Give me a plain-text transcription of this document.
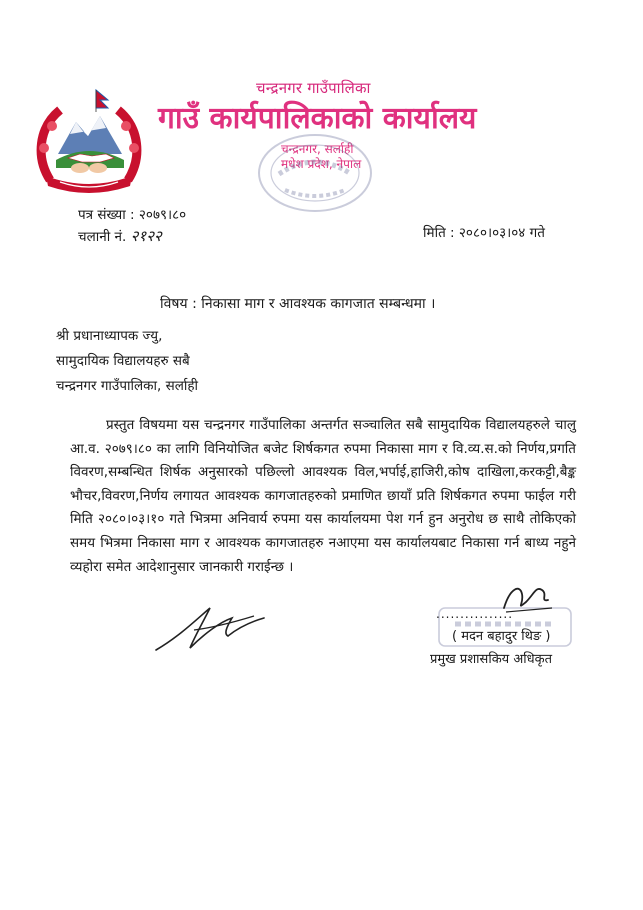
चन्द्रनगर गाउँपालिका
गाउँ कार्यपालिकाको कार्यालय
चन्द्रनगर, सर्लाही
मधेश प्रदेश, नेपाल
पत्र संख्या : २०७९।८०
चलानी नं. २१२२	मिति : २०८०।०३।०४ गते
विषय : निकासा माग र आवश्यक कागजात सम्बन्धमा ।
श्री प्रधानाध्यापक ज्यु,
सामुदायिक विद्यालयहरु सबै
चन्द्रनगर गाउँपालिका, सर्लाही
प्रस्तुत विषयमा यस चन्द्रनगर गाउँपालिका अन्तर्गत सञ्चालित सबै सामुदायिक विद्यालयहरुले चालु आ.व. २०७९।८० का लागि विनियोजित बजेट शिर्षकगत रुपमा निकासा माग र वि.व्य.स.को निर्णय,प्रगति विवरण,सम्बन्धित शिर्षक अनुसारको पछिल्लो आवश्यक विल,भर्पाई,हाजिरी,कोष दाखिला,करकट्टी,बैङ्क भौचर,विवरण,निर्णय लगायत आवश्यक कागजातहरुको प्रमाणित छायाँ प्रति शिर्षकगत रुपमा फाईल गरी मिति २०८०।०३।१० गते भित्रमा अनिवार्य रुपमा यस कार्यालयमा पेश गर्न हुन अनुरोध छ साथै तोकिएको समय भित्रमा निकासा माग र आवश्यक कागजातहरु नआएमा यस कार्यालयबाट निकासा गर्न बाध्य नहुने व्यहोरा समेत आदेशानुसार जानकारी गराईन्छ ।
................
( मदन बहादुर थिङ )
प्रमुख प्रशासकिय अधिकृत
